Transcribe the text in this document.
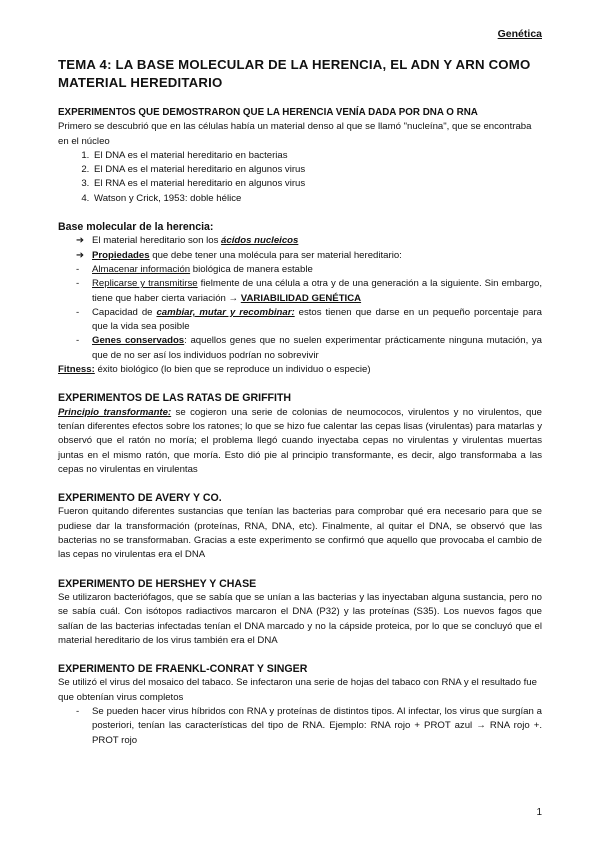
Genética
TEMA 4: LA BASE MOLECULAR DE LA HERENCIA, EL ADN Y ARN COMO MATERIAL HEREDITARIO
EXPERIMENTOS QUE DEMOSTRARON QUE LA HERENCIA VENÍA DADA POR DNA O RNA

Primero se descubrió que en las células había un material denso al que se llamó "nucleína", que se encontraba en el núcleo

1. El DNA es el material hereditario en bacterias
2. El DNA es el material hereditario en algunos virus
3. El RNA es el material hereditario en algunos virus
4. Watson y Crick, 1953: doble hélice
Base molecular de la herencia:
➔ El material hereditario son los ácidos nucleicos
➔ Propiedades que debe tener una molécula para ser material hereditario:
- Almacenar información biológica de manera estable
- Replicarse y transmitirse fielmente de una célula a otra y de una generación a la siguiente. Sin embargo, tiene que haber cierta variación → VARIABILIDAD GENÉTICA
- Capacidad de cambiar, mutar y recombinar: estos tienen que darse en un pequeño porcentaje para que la vida sea posible
- Genes conservados: aquellos genes que no suelen experimentar prácticamente ninguna mutación, ya que de no ser así los individuos podrían no sobrevivir

Fitness: éxito biológico (lo bien que se reproduce un individuo o especie)

EXPERIMENTOS DE LAS RATAS DE GRIFFITH

Principio transformante: se cogieron una serie de colonias de neumococos, virulentos y no virulentos, que tenían diferentes efectos sobre los ratones; lo que se hizo fue calentar las cepas lisas (virulentas) para matarlas y observó que el ratón no moría; el problema llegó cuando inyectaba cepas no virulentas y virulentas muertas juntas en el mismo ratón, que moría. Esto dió pie al principio transformante, es decir, algo transformaba a las cepas no virulentas en virulentas

EXPERIMENTO DE AVERY Y CO.

Fueron quitando diferentes sustancias que tenían las bacterias para comprobar qué era necesario para que se pudiese dar la transformación (proteínas, RNA, DNA, etc). Finalmente, al quitar el DNA, se observó que las bacterias no se transformaban. Gracias a este experimento se confirmó que aquello que provocaba el cambio de las cepas no virulentas era el DNA

EXPERIMENTO DE HERSHEY Y CHASE

Se utilizaron bacteriófagos, que se sabía que se unían a las bacterias y las inyectaban alguna sustancia, pero no se sabía cuál. Con isótopos radiactivos marcaron el DNA (P32) y las proteínas (S35). Los nuevos fagos que salían de las bacterias infectadas tenían el DNA marcado y no la cápside proteica, por lo que se concluyó que el material hereditario de los virus también era el DNA

EXPERIMENTO DE FRAENKL-CONRAT Y SINGER

Se utilizó el virus del mosaico del tabaco. Se infectaron una serie de hojas del tabaco con RNA y el resultado fue que obtenían virus completos

- Se pueden hacer virus híbridos con RNA y proteínas de distintos tipos. Al infectar, los virus que surgían a posteriori, tenían las características del tipo de RNA. Ejemplo: RNA rojo + PROT azul → RNA rojo +. PROT rojo
1
